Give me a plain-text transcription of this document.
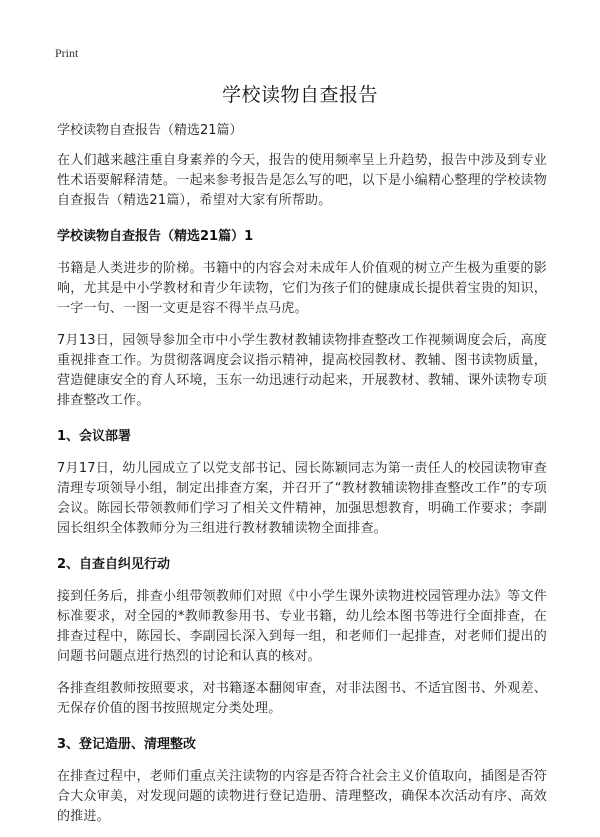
Print
学校读物自查报告

学校读物自查报告（精选21篇）

在人们越来越注重自身素养的今天，报告的使用频率呈上升趋势，报告中涉及到专业性术语要解释清楚。一起来参考报告是怎么写的吧，以下是小编精心整理的学校读物自查报告（精选21篇），希望对大家有所帮助。

学校读物自查报告（精选21篇）1

书籍是人类进步的阶梯。书籍中的内容会对未成年人价值观的树立产生极为重要的影响，尤其是中小学教材和青少年读物，它们为孩子们的健康成长提供着宝贵的知识，一字一句、一图一文更是容不得半点马虎。

7月13日，园领导参加全市中小学生教材教辅读物排查整改工作视频调度会后，高度重视排查工作。为贯彻落调度会议指示精神，提高校园教材、教辅、图书读物质量，营造健康安全的育人环境，玉东一幼迅速行动起来，开展教材、教辅、课外读物专项排查整改工作。

1、会议部署

7月17日，幼儿园成立了以党支部书记、园长陈颖同志为第一责任人的校园读物审查清理专项领导小组，制定出排查方案，并召开了“教材教辅读物排查整改工作”的专项会议。陈园长带领教师们学习了相关文件精神，加强思想教育，明确工作要求；李副园长组织全体教师分为三组进行教材教辅读物全面排查。

2、自查自纠见行动

接到任务后，排查小组带领教师们对照《中小学生课外读物进校园管理办法》等文件标准要求，对全园的*教师教参用书、专业书籍，幼儿绘本图书等进行全面排查，在排查过程中，陈园长、李副园长深入到每一组，和老师们一起排查，对老师们提出的问题书问题点进行热烈的讨论和认真的核对。

各排查组教师按照要求，对书籍逐本翻阅审查，对非法图书、不适宜图书、外观差、无保存价值的图书按照规定分类处理。

3、登记造册、清理整改

在排查过程中，老师们重点关注读物的内容是否符合社会主义价值取向，插图是否符合大众审美，对发现问题的读物进行登记造册、清理整改，确保本次活动有序、高效的推进。
